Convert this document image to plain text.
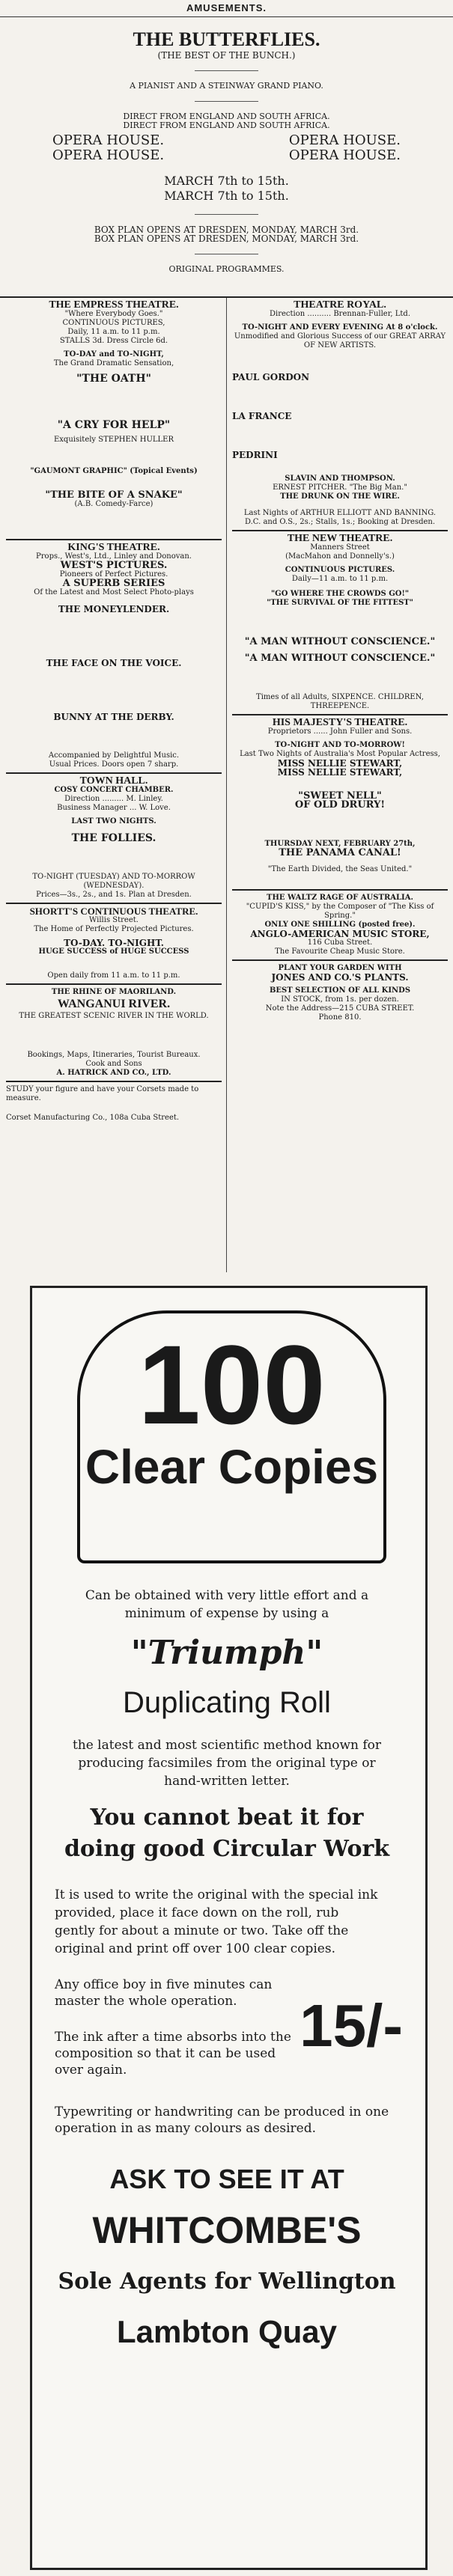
AMUSEMENTS.
THE BUTTERFLIES.
(THE BEST OF THE BUNCH.)
A PIANIST AND A STEINWAY GRAND PIANO.
DIRECT FROM ENGLAND AND SOUTH AFRICA.
DIRECT FROM ENGLAND AND SOUTH AFRICA.
OPERA HOUSE.	OPERA HOUSE.
OPERA HOUSE.	OPERA HOUSE.
MARCH 7th to 15th.
MARCH 7th to 15th.
BOX PLAN OPENS AT DRESDEN, MONDAY, MARCH 3rd.
BOX PLAN OPENS AT DRESDEN, MONDAY, MARCH 3rd.
ORIGINAL PROGRAMMES.
THE EMPRESS THEATRE.
"Where Everybody Goes."
CONTINUOUS PICTURES,
Daily, 11 a.m. to 11 p.m.
STALLS 3d. Dress Circle 6d.
TO-DAY and TO-NIGHT,
The Grand Dramatic Sensation,
"THE OATH"
"A CRY FOR HELP"
Exquisitely STEPHEN HULLER
"GAUMONT GRAPHIC" (Topical Events)
"THE BITE OF A SNAKE"
(A.B. Comedy-Farce)
KING'S THEATRE.
Props., West's, Ltd., Linley and Donovan.
WEST'S PICTURES.
Pioneers of Perfect Pictures.
A SUPERB SERIES
Of the Latest and Most Select Photo-plays
THE MONEYLENDER.
THE FACE ON THE VOICE.
BUNNY AT THE DERBY.
Accompanied by Delightful Music.
Usual Prices. Doors open 7 sharp.
TOWN HALL.
COSY CONCERT CHAMBER.
Direction ......... M. Linley.
Business Manager ... W. Love.
LAST TWO NIGHTS.
THE FOLLIES.
TO-NIGHT (TUESDAY) AND TO-MORROW (WEDNESDAY).
Prices—3s., 2s., and 1s. Plan at Dresden.
SHORTT'S CONTINUOUS THEATRE.
Willis Street.
The Home of Perfectly Projected Pictures.
TO-DAY. TO-NIGHT.
HUGE SUCCESS of HUGE SUCCESS
Open daily from 11 a.m. to 11 p.m.
THE RHINE OF MAORILAND.
WANGANUI RIVER.
THE GREATEST SCENIC RIVER IN THE WORLD.
Bookings, Maps, Itineraries, Tourist Bureaux.
Cook and Sons
A. HATRICK AND CO., LTD.
STUDY your figure and have your Corsets made to measure.
Corset Manufacturing Co., 108a Cuba Street.
THEATRE ROYAL.
Direction .......... Brennan-Fuller, Ltd.
TO-NIGHT AND EVERY EVENING At 8 o'clock.
Unmodified and Glorious Success of our GREAT ARRAY OF NEW ARTISTS.
PAUL GORDON
LA FRANCE
PEDRINI
SLAVIN AND THOMPSON.
ERNEST PITCHER. "The Big Man."
THE DRUNK ON THE WIRE.
Last Nights of ARTHUR ELLIOTT AND BANNING.
D.C. and O.S., 2s.; Stalls, 1s.; Booking at Dresden.
THE NEW THEATRE.
Manners Street
(MacMahon and Donnelly's.)
CONTINUOUS PICTURES.
Daily—11 a.m. to 11 p.m.
"GO WHERE THE CROWDS GO!"
"THE SURVIVAL OF THE FITTEST"
"A MAN WITHOUT CONSCIENCE."
"A MAN WITHOUT CONSCIENCE."
Times of all Adults, SIXPENCE. CHILDREN, THREEPENCE.
HIS MAJESTY'S THEATRE.
Proprietors ...... John Fuller and Sons.
TO-NIGHT AND TO-MORROW!
Last Two Nights of Australia's Most Popular Actress,
MISS NELLIE STEWART,
MISS NELLIE STEWART,
"SWEET NELL"
OF OLD DRURY!
THURSDAY NEXT, FEBRUARY 27th,
THE PANAMA CANAL!
"The Earth Divided, the Seas United."
THE WALTZ RAGE OF AUSTRALIA.
"CUPID'S KISS," by the Composer of "The Kiss of Spring."
ONLY ONE SHILLING (posted free).
ANGLO-AMERICAN MUSIC STORE,
116 Cuba Street.
The Favourite Cheap Music Store.
PLANT YOUR GARDEN WITH
JONES AND CO.'S PLANTS.
BEST SELECTION OF ALL KINDS
IN STOCK, from 1s. per dozen.
Note the Address—215 CUBA STREET.
Phone 810.
100
Clear Copies
Can be obtained with very little effort and a
minimum of expense by using a
"Triumph"
Duplicating Roll
the latest and most scientific method known for
producing facsimiles from the original type or
hand-written letter.
You cannot beat it for
doing good Circular Work
It is used to write the original with the special ink
provided, place it face down on the roll, rub
gently for about a minute or two. Take off the
original and print off over 100 clear copies.
Any office boy in five minutes can master the whole operation.
The ink after a time absorbs into the composition so that it can be used over again.
15/-
Typewriting or handwriting can be produced in one operation in as many colours as desired.
ASK TO SEE IT AT
WHITCOMBE'S
Sole Agents for Wellington
Lambton Quay
